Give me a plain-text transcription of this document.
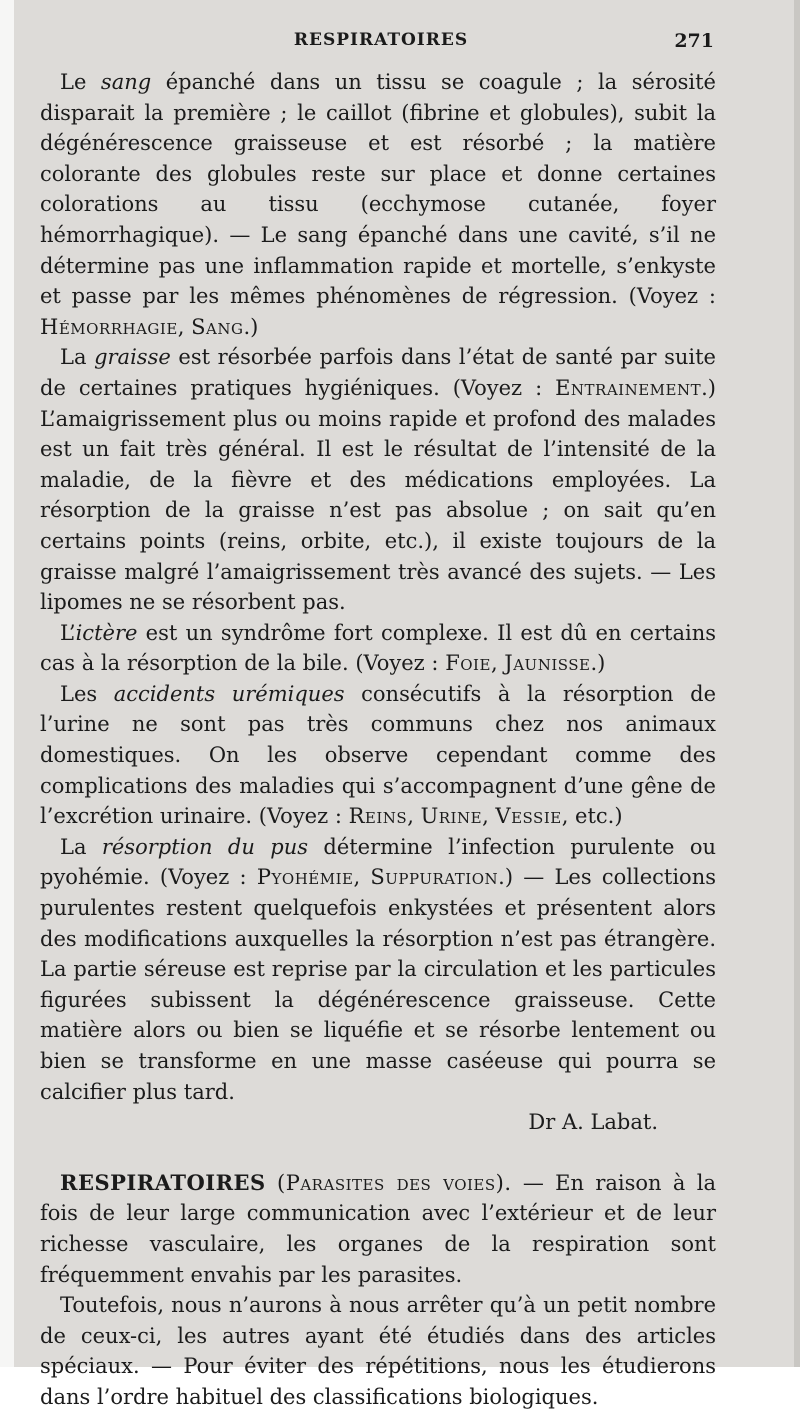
RESPIRATOIRES	271

Le sang épanché dans un tissu se coagule ; la sérosité disparait la première ; le caillot (fibrine et globules), subit la dégénérescence graisseuse et est résorbé ; la matière colorante des globules reste sur place et donne certaines colorations au tissu (ecchymose cutanée, foyer hémorrhagique). — Le sang épanché dans une cavité, s’il ne détermine pas une inflammation rapide et mortelle, s’enkyste et passe par les mêmes phénomènes de régression. (Voyez : Hémorrhagie, Sang.)

La graisse est résorbée parfois dans l’état de santé par suite de certaines pratiques hygiéniques. (Voyez : Entrainement.) L’amaigrissement plus ou moins rapide et profond des malades est un fait très général. Il est le résultat de l’intensité de la maladie, de la fièvre et des médications employées. La résorption de la graisse n’est pas absolue ; on sait qu’en certains points (reins, orbite, etc.), il existe toujours de la graisse malgré l’amaigrissement très avancé des sujets. — Les lipomes ne se résorbent pas.

L’ictère est un syndrôme fort complexe. Il est dû en certains cas à la résorption de la bile. (Voyez : Foie, Jaunisse.)

Les accidents urémiques consécutifs à la résorption de l’urine ne sont pas très communs chez nos animaux domestiques. On les observe cependant comme des complications des maladies qui s’accompagnent d’une gêne de l’excrétion urinaire. (Voyez : Reins, Urine, Vessie, etc.)

La résorption du pus détermine l’infection purulente ou pyohémie. (Voyez : Pyohémie, Suppuration.) — Les collections purulentes restent quelquefois enkystées et présentent alors des modifications auxquelles la résorption n’est pas étrangère. La partie séreuse est reprise par la circulation et les particules figurées subissent la dégénérescence graisseuse. Cette matière alors ou bien se liquéfie et se résorbe lentement ou bien se transforme en une masse caséeuse qui pourra se calcifier plus tard.

Dr A. Labat.

RESPIRATOIRES (Parasites des voies). — En raison à la fois de leur large communication avec l’extérieur et de leur richesse vasculaire, les organes de la respiration sont fréquemment envahis par les parasites.

Toutefois, nous n’aurons à nous arrêter qu’à un petit nombre de ceux-ci, les autres ayant été étudiés dans des articles spéciaux. — Pour éviter des répétitions, nous les étudierons dans l’ordre habituel des classifications biologiques.
